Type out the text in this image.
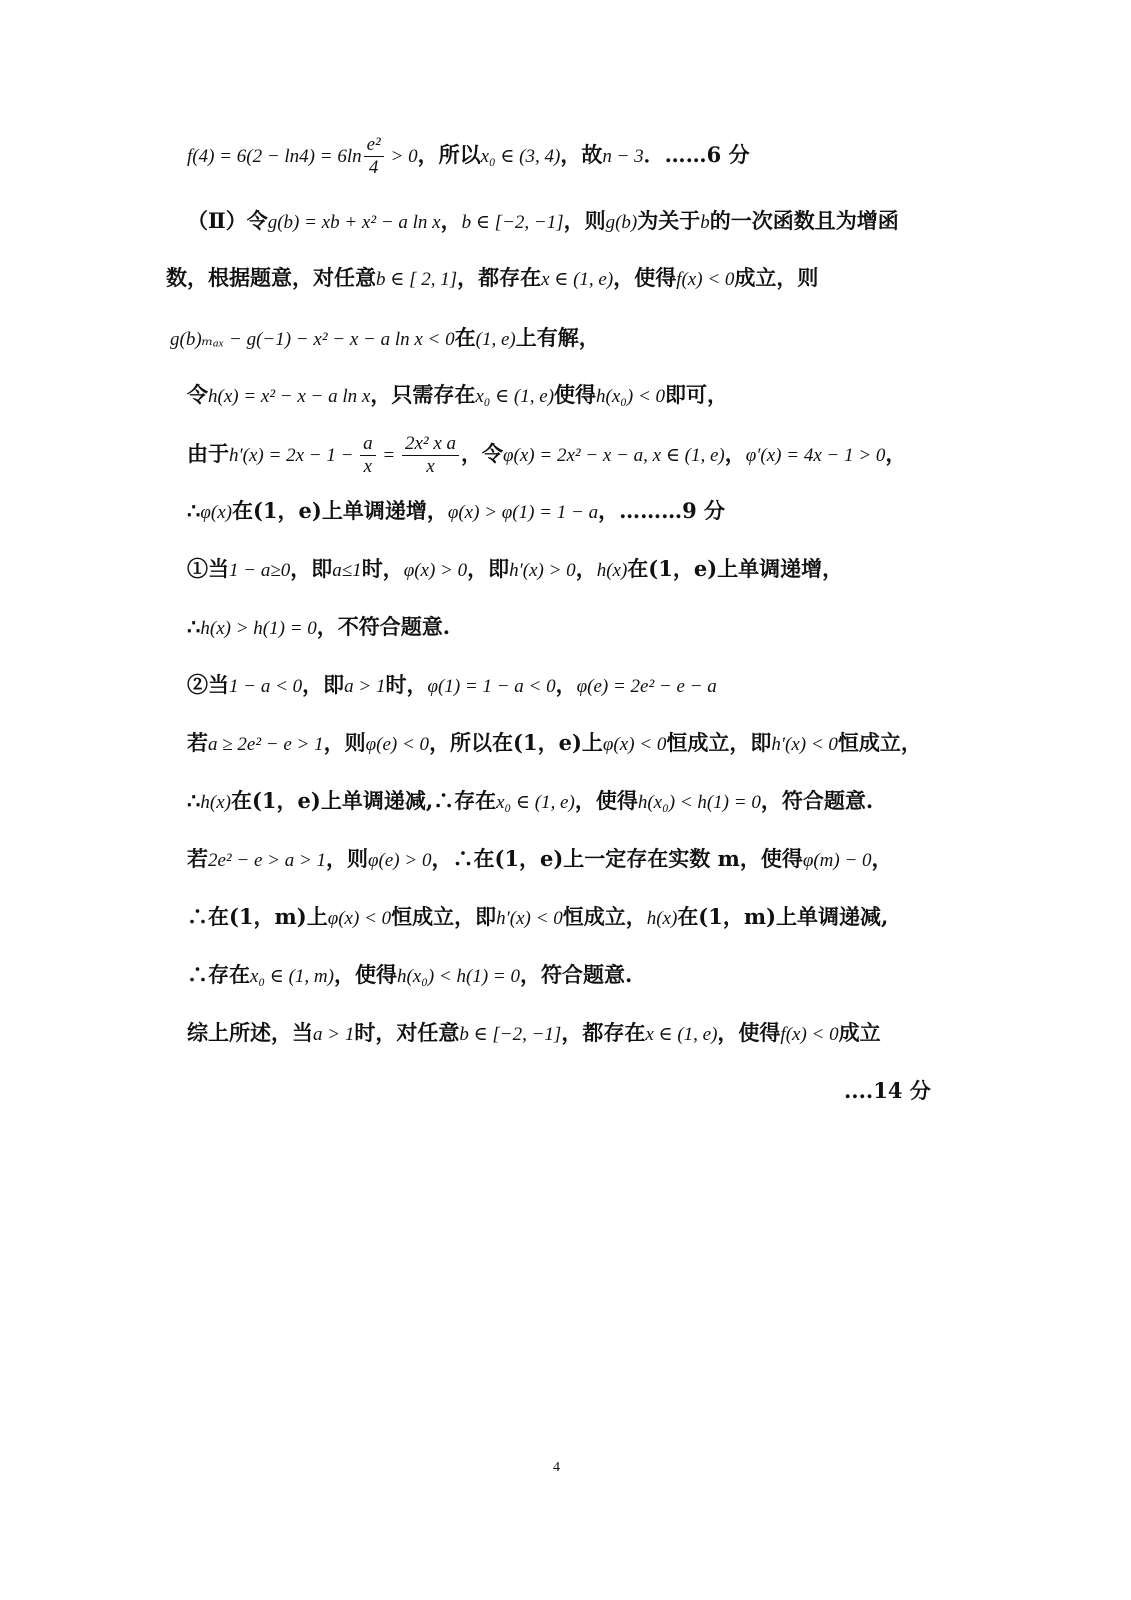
$f(4) = 6(2 - \ln 4) = 6\ln \frac{\text{e²}}{4} > 0$，所以x₀ ∈ (3, 4)，故n − 3．……6 分
（Ⅱ）令g(b) = xb + x² − a ln x，b ∈ [−2, −1]，则g(b)为关于b的一次函数且为增函
数，根据题意，对任意b ∈ [ 2, 1]，都存在x ∈ (1, e)，使得f(x) < 0成立，则
g(b)ₘₐₓ − g(−1) − x² − x − a ln x < 0在(1, e)上有解，
令h(x) = x² − x − a ln x，只需存在x₀ ∈ (1, e)使得h(x₀) < 0即可，
由于$h'(x) = 2x - 1 - \frac{a}{x} = \frac{\text{2x² x a}}{x}$ ，令φ(x) = 2x² − x − a, x ∈ (1, e)，φ′(x) = 4x − 1 > 0，
∴φ(x)在(1，e)上单调递增，φ(x) > φ(1) = 1 − a，………9 分
①当1 − a≥0，即a≤1时，φ(x) > 0，即h′(x) > 0，h(x)在(1，e)上单调递增，
∴h(x) > h(1) = 0，不符合题意.
②当1 − a < 0，即a > 1时，φ(1) = 1 − a < 0，φ(e) = 2e² − e − a
若a ≥ 2e² − e > 1，则φ(e) < 0，所以在(1，e)上φ(x) < 0恒成立，即h′(x) < 0恒成立，
∴h(x)在(1，e)上单调递减,∴存在x₀ ∈ (1, e)，使得h(x₀) < h(1) = 0，符合题意.
若2e² − e > a > 1，则φ(e) > 0，∴在(1，e)上一定存在实数 m，使得φ(m) − 0，
∴在(1，m)上φ(x) < 0恒成立，即h′(x) < 0恒成立，h(x)在(1，m)上单调递减,
∴存在x₀ ∈ (1, m)，使得h(x₀) < h(1) = 0，符合题意.
综上所述，当a > 1时，对任意b ∈ [−2, −1]，都存在x ∈ (1, e)，使得f(x) < 0成立
....14 分
4
